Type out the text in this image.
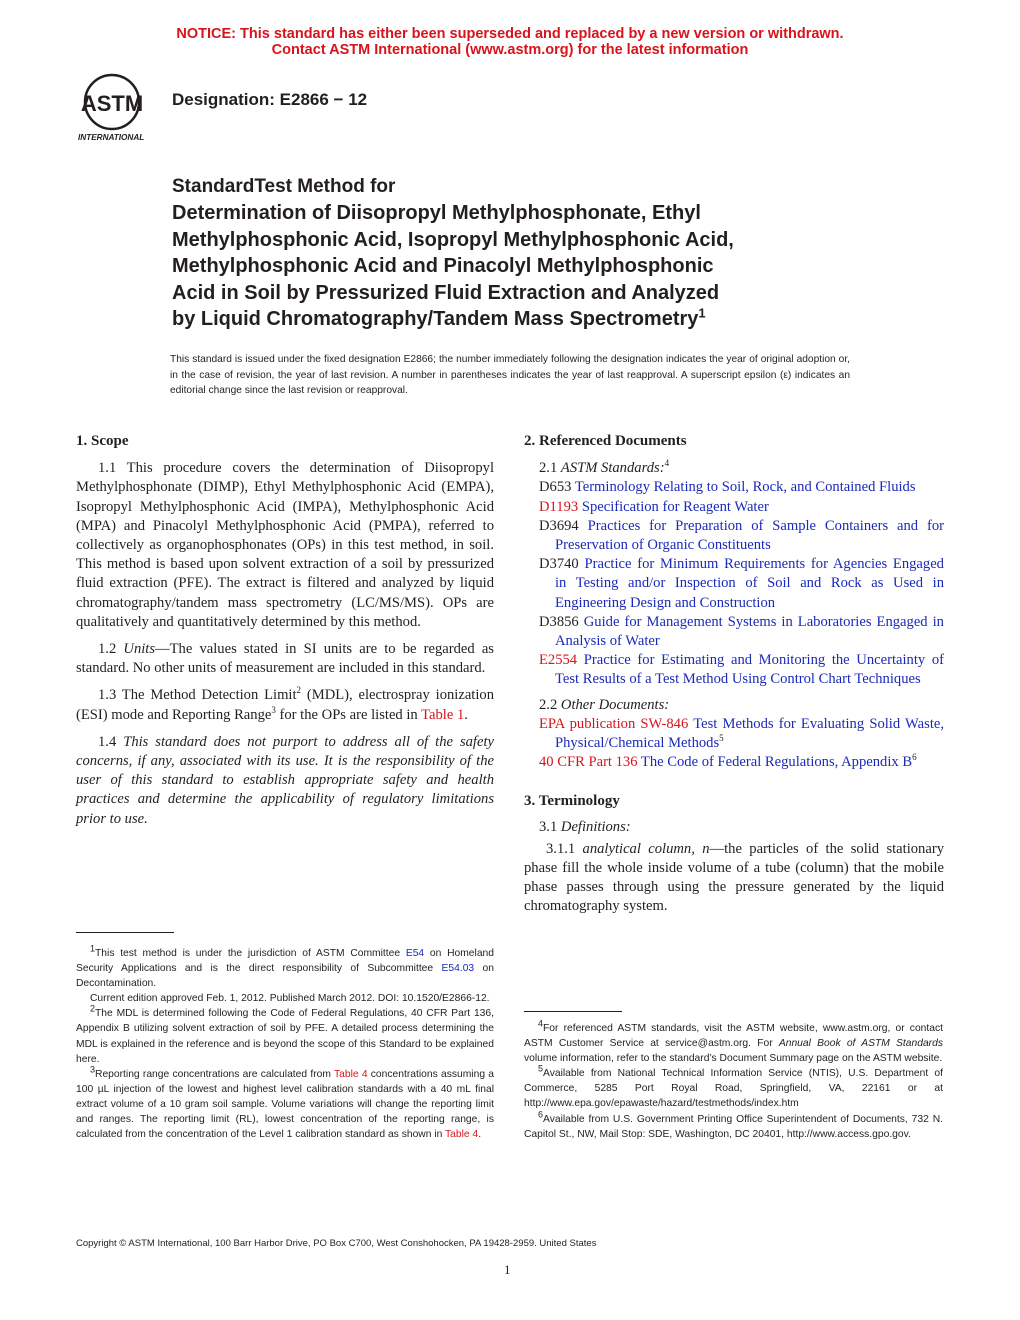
NOTICE: This standard has either been superseded and replaced by a new version or withdrawn.
Contact ASTM International (www.astm.org) for the latest information
ASTM
INTERNATIONAL
Designation: E2866 − 12
StandardTest Method for
Determination of Diisopropyl Methylphosphonate, Ethyl
Methylphosphonic Acid, Isopropyl Methylphosphonic Acid,
Methylphosphonic Acid and Pinacolyl Methylphosphonic
Acid in Soil by Pressurized Fluid Extraction and Analyzed
by Liquid Chromatography/Tandem Mass Spectrometry$^1$
This standard is issued under the fixed designation E2866; the number immediately following the designation indicates the year of original adoption or, in the case of revision, the year of last revision. A number in parentheses indicates the year of last reapproval. A superscript epsilon (ε) indicates an editorial change since the last revision or reapproval.
1. Scope

1.1 This procedure covers the determination of Diisopropyl Methylphosphonate (DIMP), Ethyl Methylphosphonic Acid (EMPA), Isopropyl Methylphosphonic Acid (IMPA), Methylphosphonic Acid (MPA) and Pinacolyl Methylphosphonic Acid (PMPA), referred to collectively as organophosphonates (OPs) in this test method, in soil. This method is based upon solvent extraction of a soil by pressurized fluid extraction (PFE). The extract is filtered and analyzed by liquid chromatography/tandem mass spectrometry (LC/MS/MS). OPs are qualitatively and quantitatively determined by this method.

1.2 Units—The values stated in SI units are to be regarded as standard. No other units of measurement are included in this standard.

1.3 The Method Detection Limit$^2$ (MDL), electrospray ionization (ESI) mode and Reporting Range$^3$ for the OPs are listed in Table 1.

1.4 This standard does not purport to address all of the safety concerns, if any, associated with its use. It is the responsibility of the user of this standard to establish appropriate safety and health practices and determine the applicability of regulatory limitations prior to use.

$^1$This test method is under the jurisdiction of ASTM Committee E54 on Homeland Security Applications and is the direct responsibility of Subcommittee E54.03 on Decontamination.

Current edition approved Feb. 1, 2012. Published March 2012. DOI: 10.1520/E2866-12.

$^2$The MDL is determined following the Code of Federal Regulations, 40 CFR Part 136, Appendix B utilizing solvent extraction of soil by PFE. A detailed process determining the MDL is explained in the reference and is beyond the scope of this Standard to be explained here.

$^3$Reporting range concentrations are calculated from Table 4 concentrations assuming a 100 µL injection of the lowest and highest level calibration standards with a 40 mL final extract volume of a 10 gram soil sample. Volume variations will change the reporting limit and ranges. The reporting limit (RL), lowest concentration of the reporting range, is calculated from the concentration of the Level 1 calibration standard as shown in Table 4.

2. Referenced Documents

2.1 ASTM Standards:$^4$

D653 Terminology Relating to Soil, Rock, and Contained Fluids

D1193 Specification for Reagent Water

D3694 Practices for Preparation of Sample Containers and for Preservation of Organic Constituents

D3740 Practice for Minimum Requirements for Agencies Engaged in Testing and/or Inspection of Soil and Rock as Used in Engineering Design and Construction

D3856 Guide for Management Systems in Laboratories Engaged in Analysis of Water

E2554 Practice for Estimating and Monitoring the Uncertainty of Test Results of a Test Method Using Control Chart Techniques

2.2 Other Documents:

EPA publication SW-846 Test Methods for Evaluating Solid Waste, Physical/Chemical Methods$^5$

40 CFR Part 136 The Code of Federal Regulations, Appendix $B^6$

3. Terminology

3.1 Definitions:

3.1.1 analytical column, n—the particles of the solid stationary phase fill the whole inside volume of a tube (column) that the mobile phase passes through using the pressure generated by the liquid chromatography system.

$^4$For referenced ASTM standards, visit the ASTM website, www.astm.org, or contact ASTM Customer Service at service@astm.org. For Annual Book of ASTM Standards volume information, refer to the standard’s Document Summary page on the ASTM website.

$^5$Available from National Technical Information Service (NTIS), U.S. Department of Commerce, 5285 Port Royal Road, Springfield, VA, 22161 or at http://www.epa.gov/epawaste/hazard/testmethods/index.htm

$^6$Available from U.S. Government Printing Office Superintendent of Documents, 732 N. Capitol St., NW, Mail Stop: SDE, Washington, DC 20401, http://www.access.gpo.gov.

Copyright © ASTM International, 100 Barr Harbor Drive, PO Box C700, West Conshohocken, PA 19428-2959. United States
1
